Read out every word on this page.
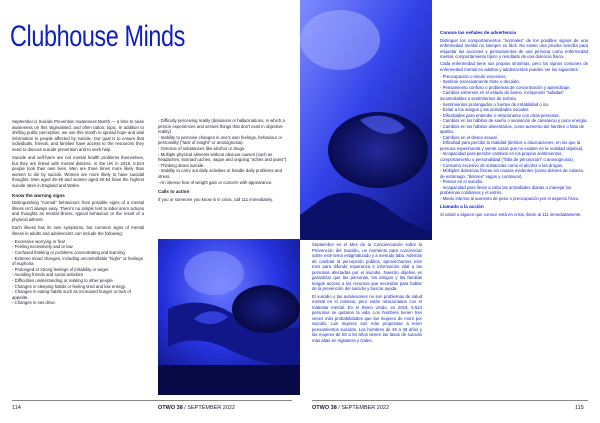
Clubhouse Minds

September is Suicide Prevention Awareness Month — a time to raise awareness on this stigmatised, and often taboo, topic. In addition to shifting public perception, we use this month to spread hope and vital information to people affected by suicide. Our goal is to ensure that individuals, friends, and families have access to the resources they need to discuss suicide prevention and to seek help.

Suicide and self-harm are not mental health problems themselves, but they are linked with mental distress. In the UK in 2019, 6,524 people took their own lives. Men are three times more likely than women to die by suicide. Women are more likely to have suicidal thoughts. Men aged 45-49 and women aged 50-54 have the highest suicide rates in England and Wales.

Know the warning signs

Distinguishing "normal" behaviours from possible signs of a mental illness isn't always easy. There's no simple test to label one's actions and thoughts as mental illness, typical behaviour or the result of a physical ailment.

Each illness has its own symptoms, but common signs of mental illness in adults and adolescents can include the following:

- Excessive worrying or fear
- Feeling excessively sad or low
- Confused thinking or problems concentrating and learning
- Extreme mood changes, including uncontrollable "highs" or feelings of euphoria
- Prolonged or strong feelings of irritability or anger.
- Avoiding friends and social activities
- Difficulties understanding or relating to other people.
- Changes in sleeping habits or feeling tired and low energy.
- Changes in eating habits such as increased hunger or lack of appetite.
- Changes in sex drive.
- Difficulty perceiving reality (delusions or hallucinations, in which a person experiences and senses things that don't exist in objective reality)
- Inability to perceive changes in one's own feelings, behaviour or personality ("lack of insight" or anosognosia).
- Overuse of substances like alcohol or drugs.
- Multiple physical ailments without obvious causes (such as headaches, stomach aches, vague and ongoing "aches and pains").
- Thinking about suicide.
- Inability to carry out daily activities or handle daily problems and stress.
- An intense fear of weight gain or concern with appearance.
Calls to action

If you or someone you know is in crisis, call 111 immediately.

114	OTWO 38 / SEPTEMBER 2022

Septiembre es el Mes de la Concienciación sobre la Prevención del Suicidio, un momento para concienciar sobre este tema estigmatizado y a menudo tabú. Además de cambiar la percepción pública, aprovechamos este mes para difundir esperanza e información vital a las personas afectadas por el suicidio. Nuestro objetivo es garantizar que las personas, los amigos y las familias tengan acceso a los recursos que necesitan para hablar de la prevención del suicidio y buscar ayuda.

El suicidio y las autolesiones no son problemas de salud mental en sí mismos, pero están relacionados con el malestar mental. En el Reino Unido, en 2019, 6.524 personas se quitaron la vida. Los hombres tienen tres veces más probabilidades que las mujeres de morir por suicidio. Las mujeres son más propensas a tener pensamientos suicidas. Los hombres de 45 a 49 años y las mujeres de 50 a 54 años tienen las tasas de suicidio más altas en Inglaterra y Gales.

Conoce las señales de advertencia

Distinguir los comportamientos "normales" de los posibles signos de una enfermedad mental no siempre es fácil. No existe una prueba sencilla para etiquetar las acciones y pensamientos de una persona como enfermedad mental, comportamiento típico o resultado de una dolencia física.

Cada enfermedad tiene sus propios síntomas, pero los signos comunes de enfermedad mental en adultos y adolescentes pueden ser los siguientes:

- Preocupación o miedo excesivos.
- Sentirse excesivamente triste o decaído.
- Pensamiento confuso o problemas de concentración y aprendizaje.
- Cambios extremos en el estado de ánimo, incluyendo "subidas" incontrolables o sentimientos de euforia.
- Sentimientos prolongados o fuertes de irritabilidad o ira.
- Evitar a los amigos y las actividades sociales.
- Dificultades para entender o relacionarse con otras personas.
- Cambios en los hábitos de sueño o sensación de cansancio y poca energía.
- Cambios en los hábitos alimentarios, como aumento del hambre o falta de apetito.
- Cambios en el deseo sexual.
- Dificultad para percibir la realidad (delirios o alucinaciones, en los que la persona experimenta y siente cosas que no existen en la realidad objetiva).
- Incapacidad para percibir cambios en los propios sentimientos, comportamiento o personalidad ("falta de percepción" o anosognosia).
- Consumo excesivo de sustancias como el alcohol o las drogas.
- Múltiples dolencias físicas sin causas evidentes (como dolores de cabeza, de estómago, "dolores" vagos y continuos).
- Pensar en el suicidio.
- Incapacidad para llevar a cabo las actividades diarias o manejar los problemas cotidianos y el estrés.
- Miedo intenso al aumento de peso o preocupación por el aspecto físico.
Llamado a la acción

Si usted o alguien que conoce está en crisis, llame al 111 inmediatamente.

OTWO 38 / SEPTEMBER 2022	115
